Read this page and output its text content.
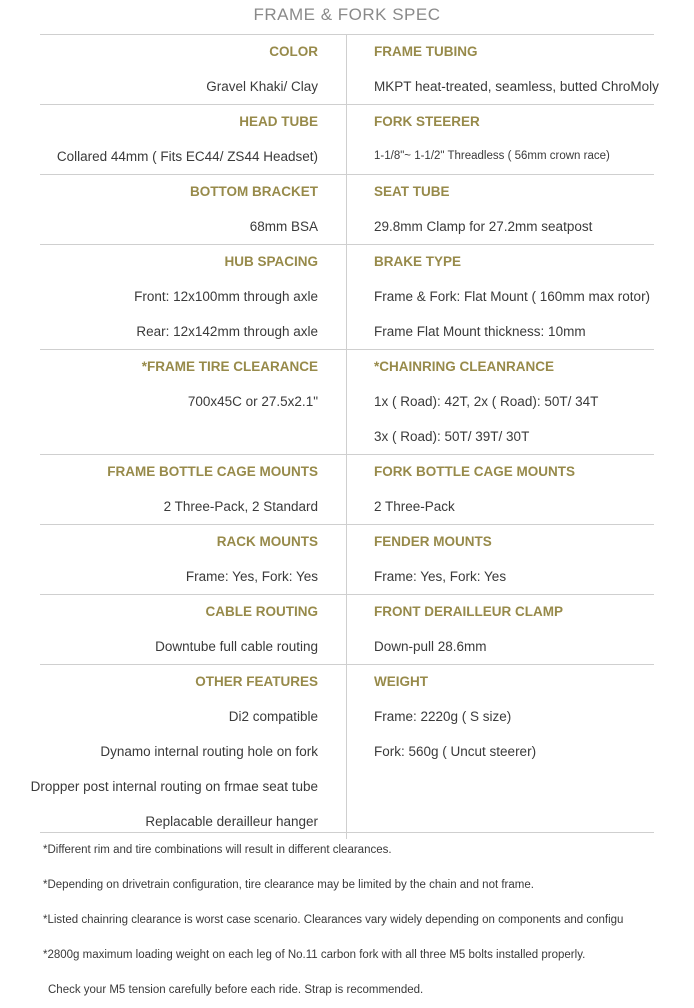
FRAME & FORK SPEC
COLOR
Gravel Khaki/ Clay
FRAME TUBING
MKPT heat-treated, seamless, butted ChroMoly
HEAD TUBE
Collared 44mm ( Fits EC44/ ZS44 Headset)
FORK STEERER
1-1/8"~ 1-1/2" Threadless ( 56mm crown race)
BOTTOM BRACKET
68mm BSA
SEAT TUBE
29.8mm Clamp for 27.2mm seatpost
HUB SPACING
Front: 12x100mm through axle
Rear: 12x142mm through axle
BRAKE TYPE
Frame & Fork: Flat Mount ( 160mm max rotor)
Frame Flat Mount thickness: 10mm
*FRAME TIRE CLEARANCE
700x45C or 27.5x2.1"
*CHAINRING CLEANRANCE
1x ( Road): 42T, 2x ( Road): 50T/ 34T
3x ( Road): 50T/ 39T/ 30T
FRAME BOTTLE CAGE MOUNTS
2 Three-Pack, 2 Standard
FORK BOTTLE CAGE MOUNTS
2 Three-Pack
RACK MOUNTS
Frame: Yes, Fork: Yes
FENDER MOUNTS
Frame: Yes, Fork: Yes
CABLE ROUTING
Downtube full cable routing
FRONT DERAILLEUR CLAMP
Down-pull 28.6mm
OTHER FEATURES
Di2 compatible
Dynamo internal routing hole on fork
Dropper post internal routing on frmae seat tube
Replacable derailleur hanger
WEIGHT
Frame: 2220g ( S size)
Fork: 560g ( Uncut steerer)
*Different rim and tire combinations will result in different clearances.
*Depending on drivetrain configuration, tire clearance may be limited by the chain and not frame.
*Listed chainring clearance is worst case scenario. Clearances vary widely depending on components and configu
*2800g maximum loading weight on each leg of No.11 carbon fork with all three M5 bolts installed properly.
Check your M5 tension carefully before each ride. Strap is recommended.
